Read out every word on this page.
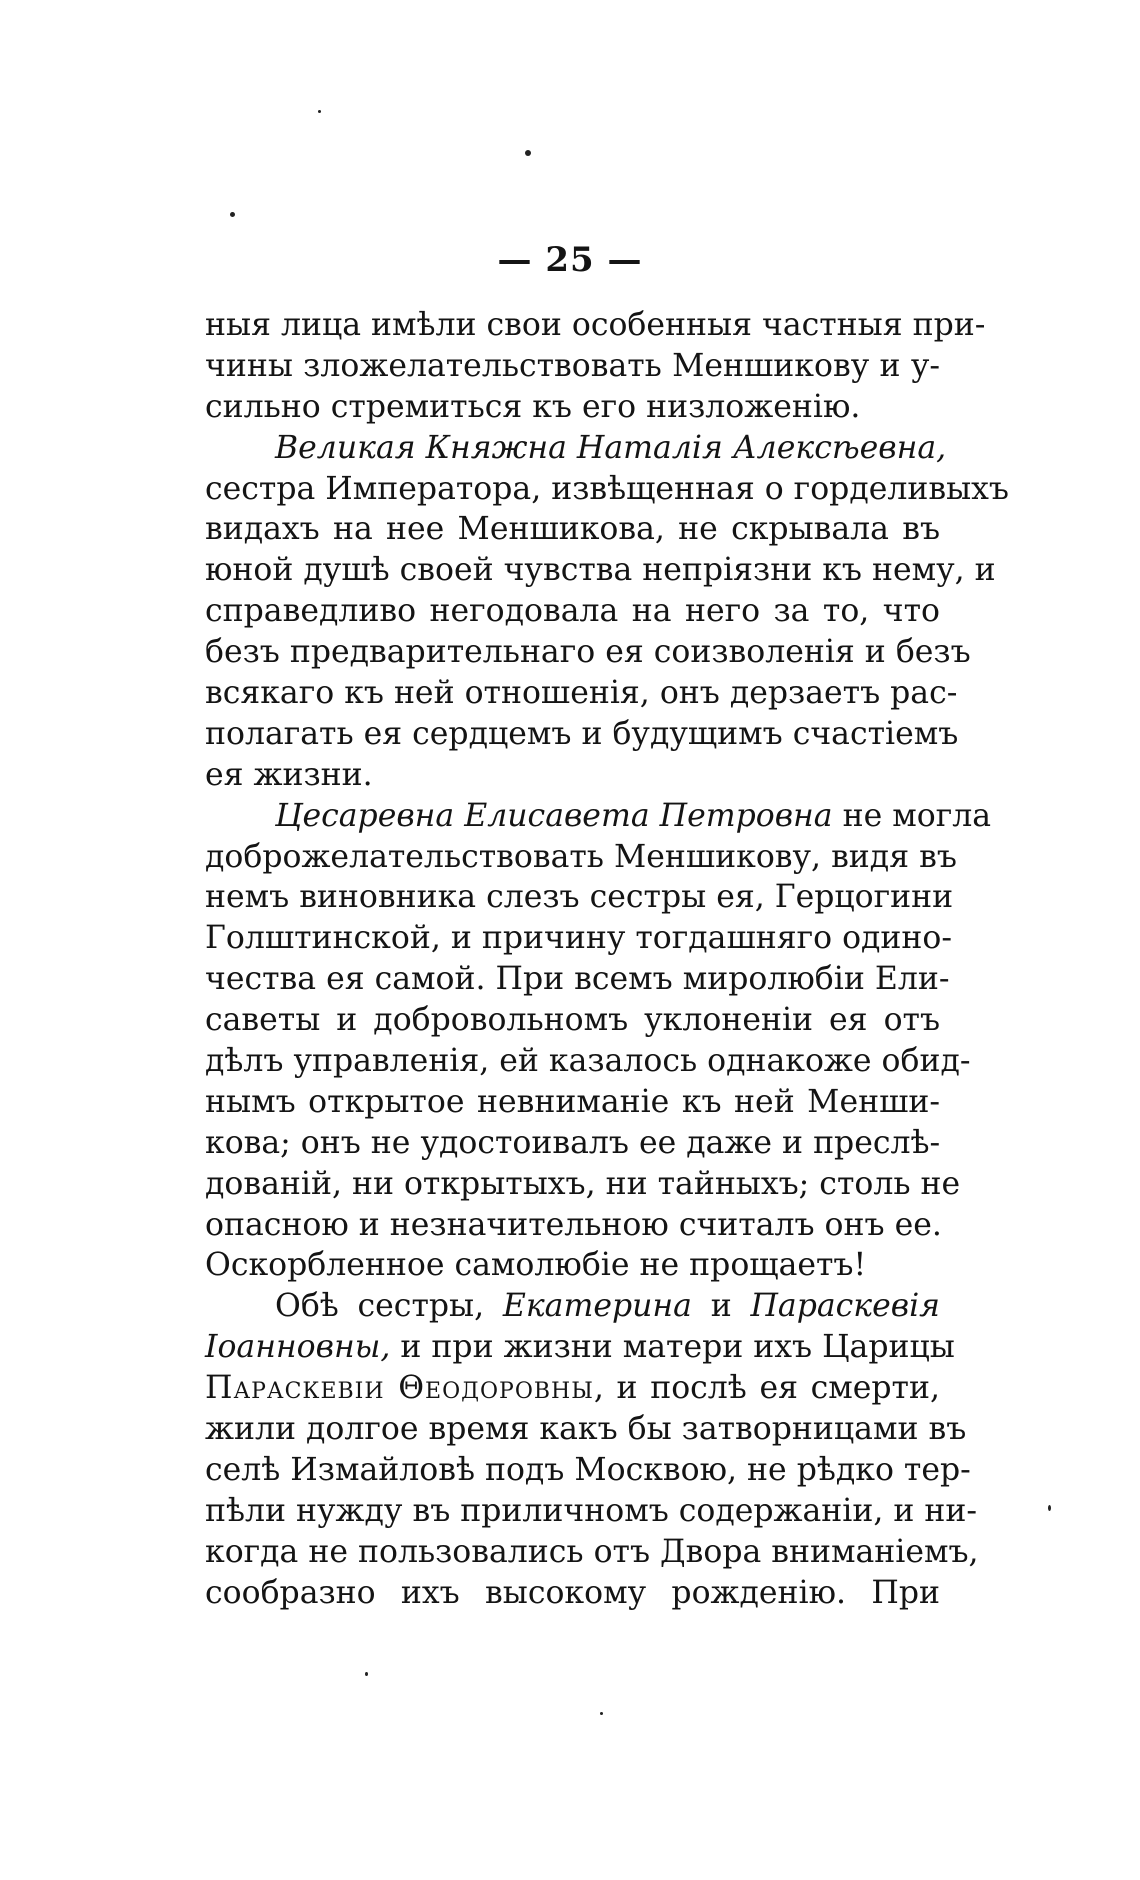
— 25 —
ныя лица имѣли свои особенныя частныя при-
чины зложелательствовать Меншикову и у-
сильно стремиться къ его низложенію.
Великая Княжна Наталія Алексѣевна,
сестра Императора, извѣщенная о горделивыхъ
видахъ на нее Меншикова, не скрывала въ
юной душѣ своей чувства непріязни къ нему, и
справедливо негодовала на него за то, что
безъ предварительнаго ея соизволенія и безъ
всякаго къ ней отношенія, онъ дерзаетъ рас-
полагать ея сердцемъ и будущимъ счастіемъ
ея жизни.
Цесаревна Елисавета Петровна не могла
доброжелательствовать Меншикову, видя въ
немъ виновника слезъ сестры ея, Герцогини
Голштинской, и причину тогдашняго одино-
чества ея самой. При всемъ миролюбіи Ели-
саветы и добровольномъ уклоненіи ея отъ
дѣлъ управленія, ей казалось однакоже обид-
нымъ открытое невниманіе къ ней Менши-
кова; онъ не удостоивалъ ее даже и преслѣ-
дованій, ни открытыхъ, ни тайныхъ; столь не
опасною и незначительною считалъ онъ ее.
Оскорбленное самолюбіе не прощаетъ!
Обѣ сестры, Екатерина и Параскевія
Іоанновны, и при жизни матери ихъ Царицы
Параскевіи Θеодоровны, и послѣ ея смерти,
жили долгое время какъ бы затворницами въ
селѣ Измайловѣ подъ Москвою, не рѣдко тер-
пѣли нужду въ приличномъ содержаніи, и ни-
когда не пользовались отъ Двора вниманіемъ,
сообразно ихъ высокому рожденію. При
